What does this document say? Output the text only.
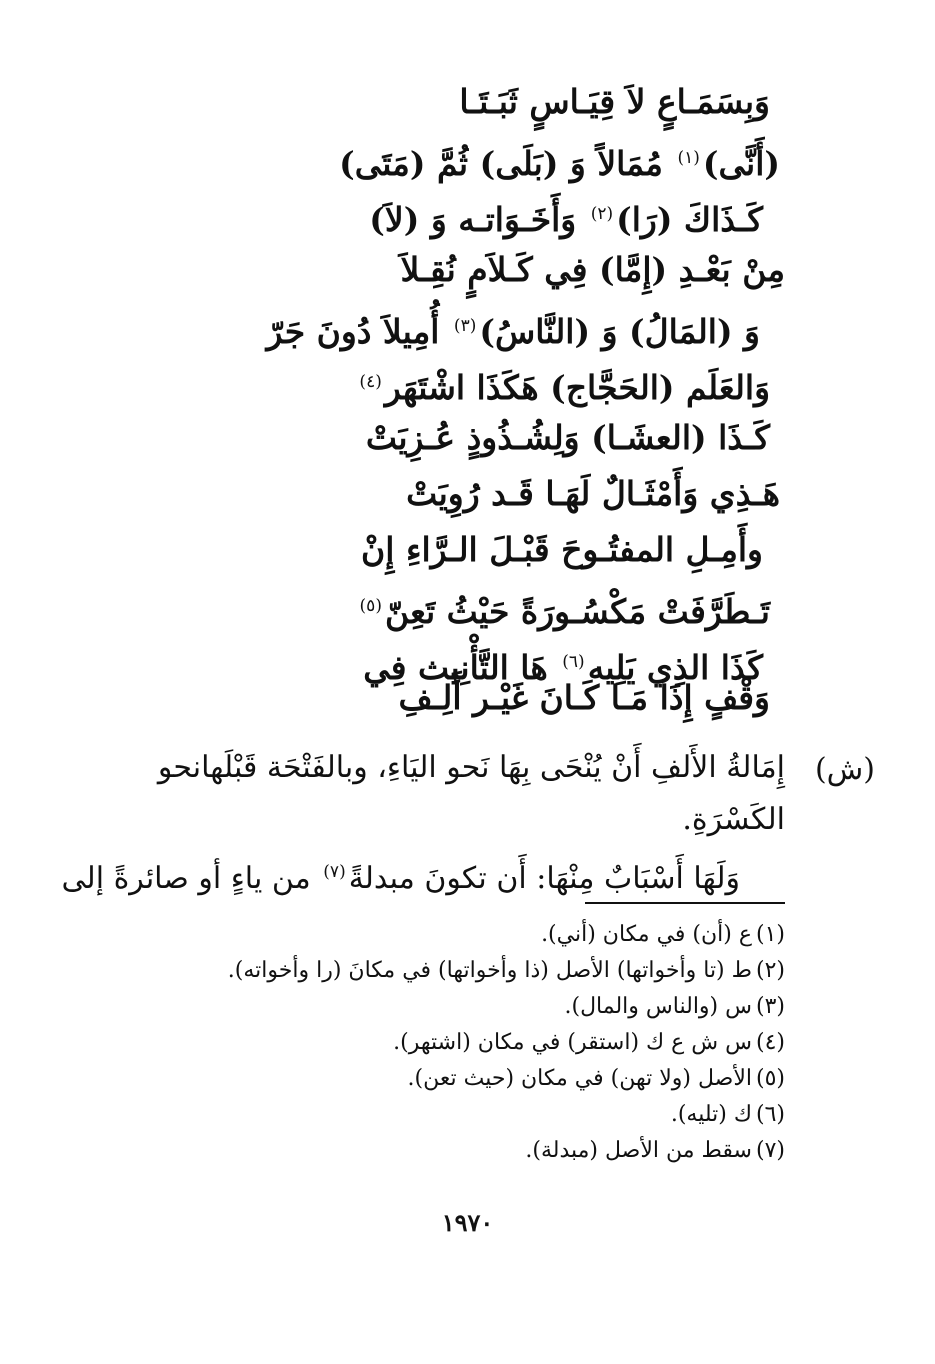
وَبِسَمَـاعٍ لاَ قِيَـاسٍ ثَبَـتَـا
(أَنَّى)$^{(١)}$ مُمَالاً وَ (بَلَى) ثُمَّ (مَتَى)
كَـذَاكَ (رَا)$^{(٢)}$ وَأَخَـوَاتـه وَ (لاَ)
مِنْ بَعْـدِ (إِمَّا) فِي كَـلاَمٍ نُقِـلاَ
وَ (المَالُ) وَ (النَّاسُ)$^{(٣)}$ أُمِيلاَ دُونَ جَرّ
وَالعَلَم (الحَجَّاج) هَكَذَا اشْتَهَر$^{(٤)}$
كَـذَا (العشَـا) وَلِشُـذُوذٍ عُـزِيَتْ
هَـذِي وَأَمْثَـالٌ لَهَـا قَـد رُوِيَتْ
وأَمِـلِ المفتُـوحَ قَبْـلَ الـرَّاءِ إِنْ
تَـطَرَّفَتْ مَكْسُـورَةً حَيْثُ تَعِنّ$^{(٥)}$
كَذَا الذِي يَلِيه$^{(٦)}$ هَا التَّأْنِيث فِي
وَقْفٍ إِذَا مَـا كَـانَ غَيْـر أَلِـفِ
(ش)
إِمَالةُ الأَلفِ أَنْ يُنْحَى بِهَا نَحو اليَاءِ، وبالفَتْحَة قَبْلَهانحو
الكَسْرَةِ.
وَلَهَا أَسْبَابٌ مِنْهَا: أَن تكونَ مبدلةً$^{(٧)}$ من ياءٍ أو صائرةً إلى
(١)ع (أن) في مكان (أني).
(٢)ط (تا وأخواتها) الأصل (ذا وأخواتها) في مكانَ (را وأخواته).
(٣)س (والناس والمال).
(٤)س ش ع ك (استقر) في مكان (اشتهر).
(٥)الأصل (ولا تهن) في مكان (حيث تعن).
(٦)ك (تليه).
(٧)سقط من الأصل (مبدلة).
١٩٧٠
